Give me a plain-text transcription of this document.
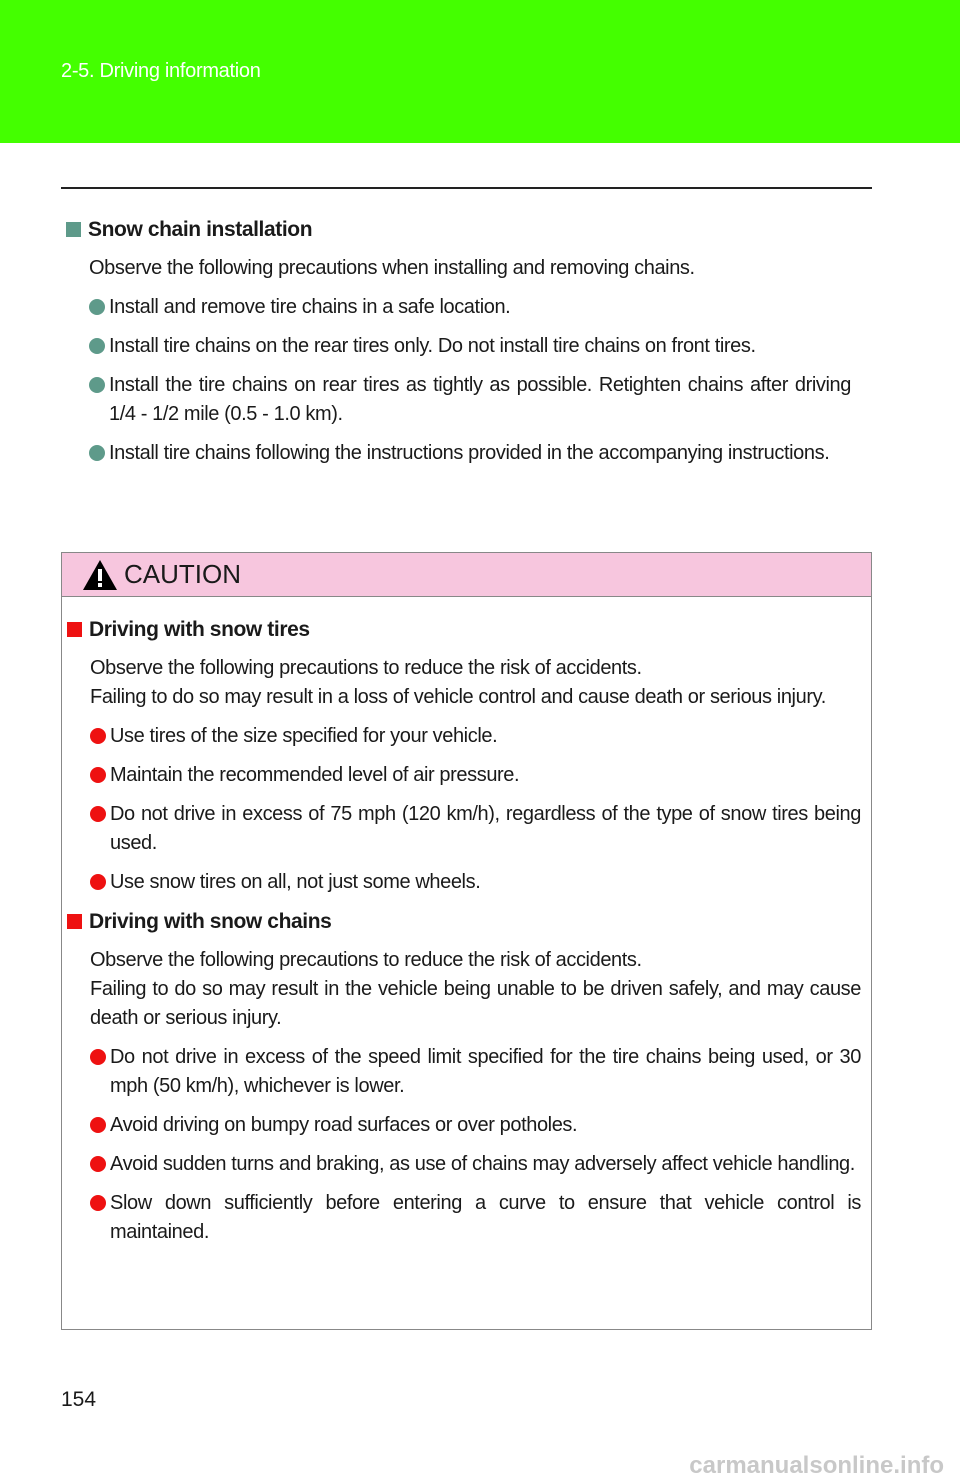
2-5. Driving information
Snow chain installation
Observe the following precautions when installing and removing chains.
Install and remove tire chains in a safe location.
Install tire chains on the rear tires only. Do not install tire chains on front tires.
Install the tire chains on rear tires as tightly as possible. Retighten chains after driving 1/4 - 1/2 mile (0.5 - 1.0 km).
Install tire chains following the instructions provided in the accompanying instructions.
CAUTION
Driving with snow tires
Observe the following precautions to reduce the risk of accidents.
Failing to do so may result in a loss of vehicle control and cause death or serious injury.
Use tires of the size specified for your vehicle.
Maintain the recommended level of air pressure.
Do not drive in excess of 75 mph (120 km/h), regardless of the type of snow tires being used.
Use snow tires on all, not just some wheels.
Driving with snow chains
Observe the following precautions to reduce the risk of accidents.
Failing to do so may result in the vehicle being unable to be driven safely, and may cause death or serious injury.
Do not drive in excess of the speed limit specified for the tire chains being used, or 30 mph (50 km/h), whichever is lower.
Avoid driving on bumpy road surfaces or over potholes.
Avoid sudden turns and braking, as use of chains may adversely affect vehicle handling.
Slow down sufficiently before entering a curve to ensure that vehicle control is maintained.
154
carmanualsonline.info
